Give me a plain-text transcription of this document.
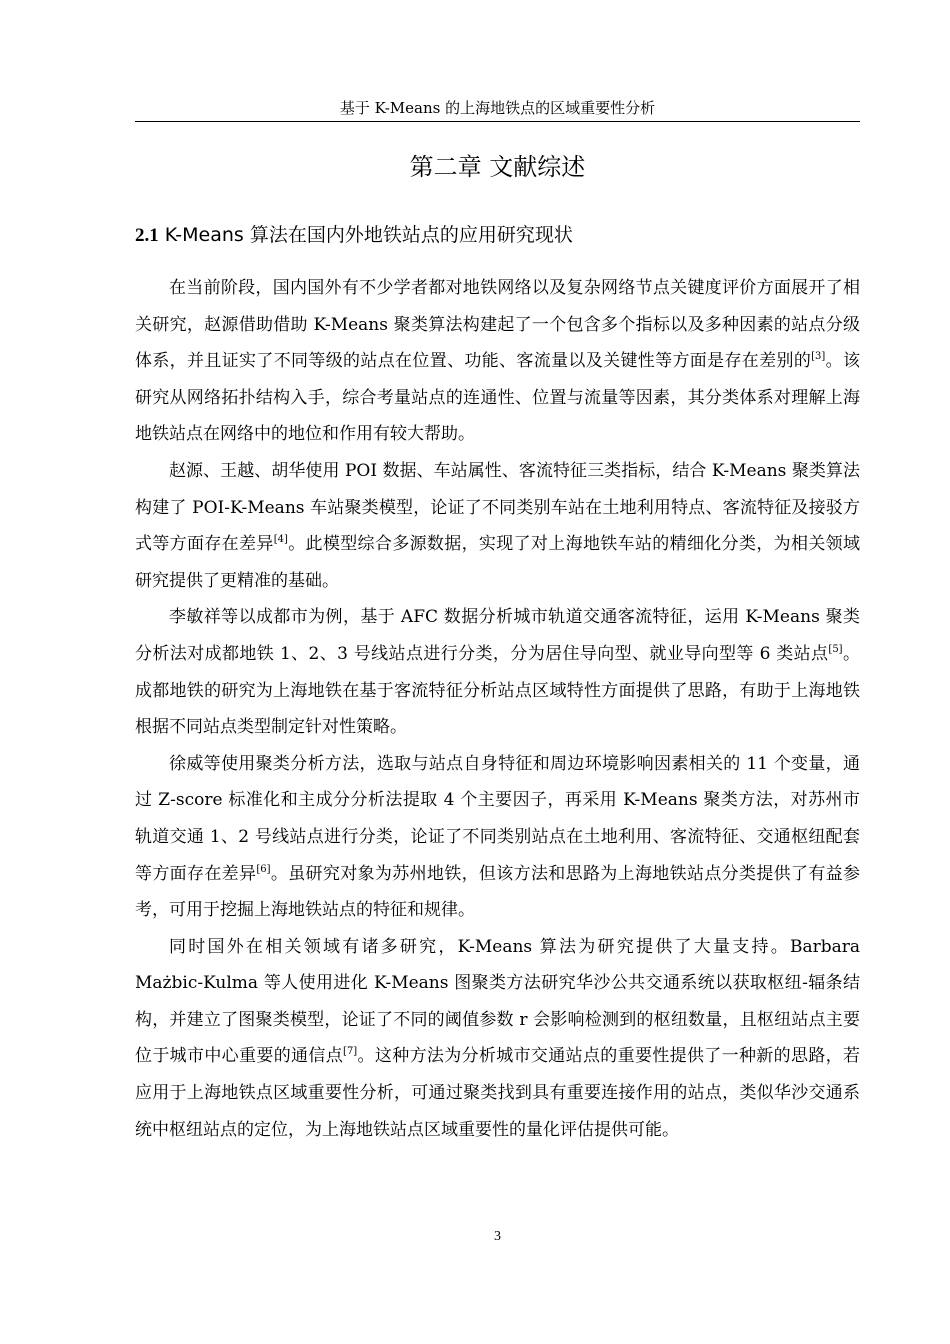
基于 K-Means 的上海地铁点的区域重要性分析
第二章 文献综述
2.1 K-Means 算法在国内外地铁站点的应用研究现状

在当前阶段，国内国外有不少学者都对地铁网络以及复杂网络节点关键度评价方面展开了相关研究，赵源借助借助 K-Means 聚类算法构建起了一个包含多个指标以及多种因素的站点分级体系，并且证实了不同等级的站点在位置、功能、客流量以及关键性等方面是存在差别的[3]。该研究从网络拓扑结构入手，综合考量站点的连通性、位置与流量等因素，其分类体系对理解上海地铁站点在网络中的地位和作用有较大帮助。

赵源、王越、胡华使用 POI 数据、车站属性、客流特征三类指标，结合 K-Means 聚类算法构建了 POI-K-Means 车站聚类模型，论证了不同类别车站在土地利用特点、客流特征及接驳方式等方面存在差异[4]。此模型综合多源数据，实现了对上海地铁车站的精细化分类，为相关领域研究提供了更精准的基础。

李敏祥等以成都市为例，基于 AFC 数据分析城市轨道交通客流特征，运用 K-Means 聚类分析法对成都地铁 1、2、3 号线站点进行分类，分为居住导向型、就业导向型等 6 类站点[5]。成都地铁的研究为上海地铁在基于客流特征分析站点区域特性方面提供了思路，有助于上海地铁根据不同站点类型制定针对性策略。

徐威等使用聚类分析方法，选取与站点自身特征和周边环境影响因素相关的 11 个变量，通过 Z-score 标准化和主成分分析法提取 4 个主要因子，再采用 K-Means 聚类方法，对苏州市轨道交通 1、2 号线站点进行分类，论证了不同类别站点在土地利用、客流特征、交通枢纽配套等方面存在差异[6]。虽研究对象为苏州地铁，但该方法和思路为上海地铁站点分类提供了有益参考，可用于挖掘上海地铁站点的特征和规律。

同时国外在相关领域有诸多研究，K-Means 算法为研究提供了大量支持。Barbara Mażbic-Kulma 等人使用进化 K-Means 图聚类方法研究华沙公共交通系统以获取枢纽-辐条结构，并建立了图聚类模型，论证了不同的阈值参数 r 会影响检测到的枢纽数量，且枢纽站点主要位于城市中心重要的通信点[7]。这种方法为分析城市交通站点的重要性提供了一种新的思路，若应用于上海地铁点区域重要性分析，可通过聚类找到具有重要连接作用的站点，类似华沙交通系统中枢纽站点的定位，为上海地铁站点区域重要性的量化评估提供可能。

3
